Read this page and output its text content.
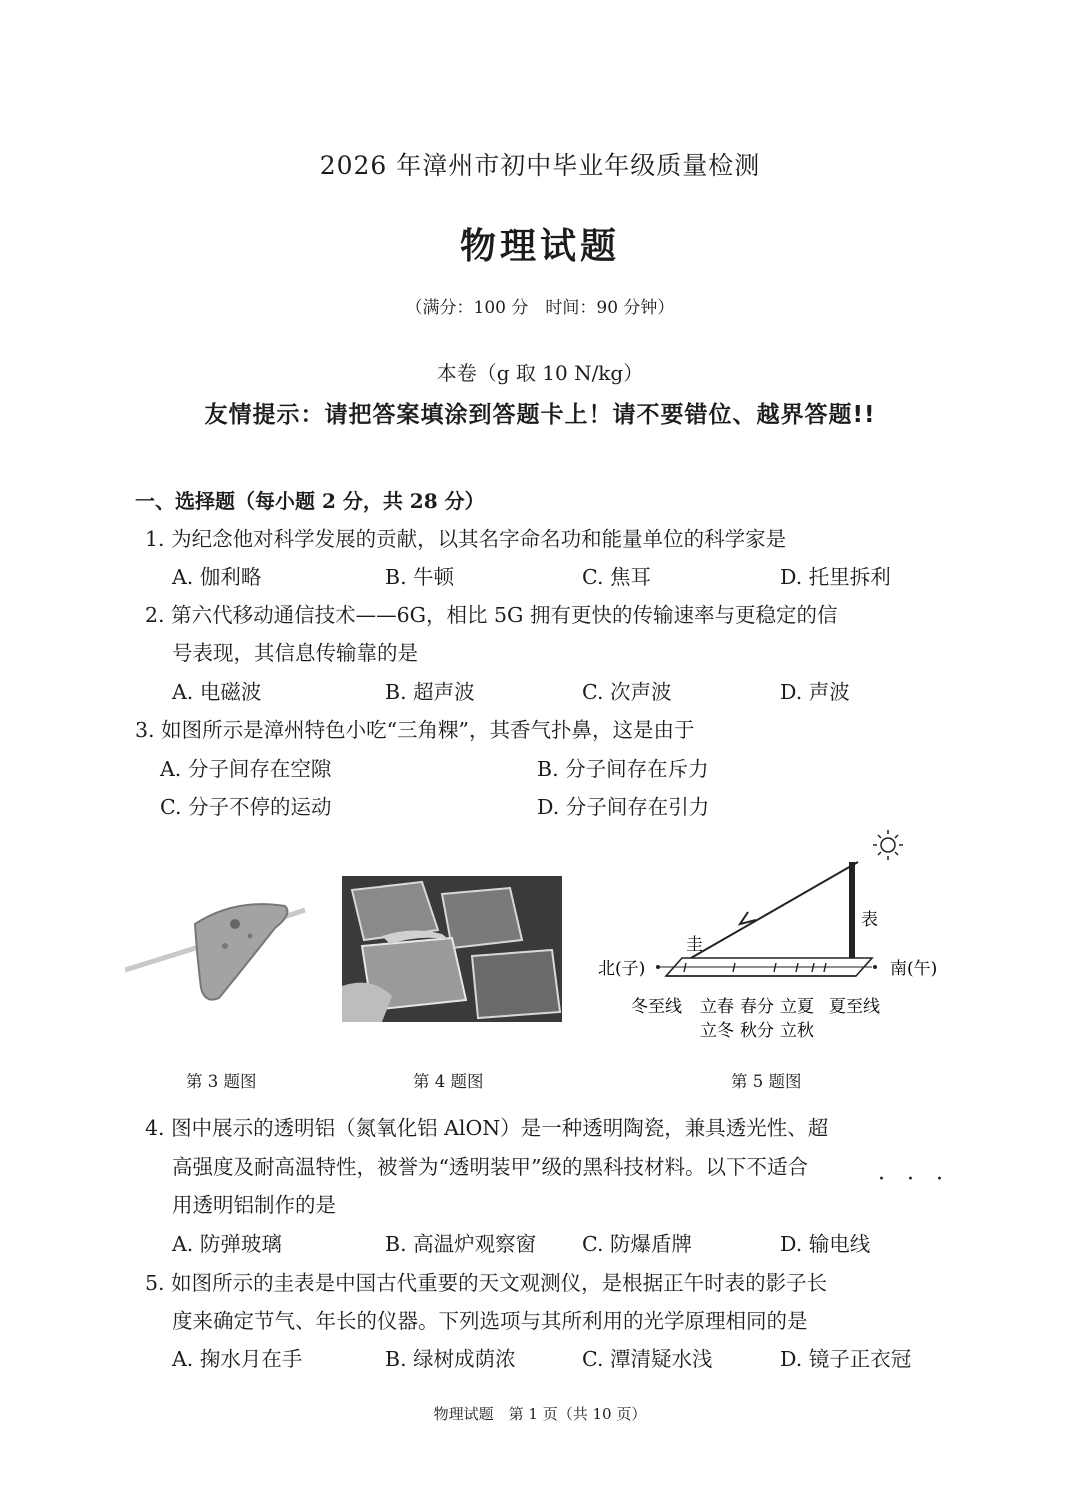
2026 年漳州市初中毕业年级质量检测
物理试题
（满分：100 分　时间：90 分钟）
本卷（g 取 10 N/kg）
友情提示：请把答案填涂到答题卡上！请不要错位、越界答题!!
一、选择题（每小题 2 分，共 28 分）
1. 为纪念他对科学发展的贡献，以其名字命名功和能量单位的科学家是
A. 伽利略	B. 牛顿	C. 焦耳	D. 托里拆利
2. 第六代移动通信技术——6G，相比 5G 拥有更快的传输速率与更稳定的信
号表现，其信息传输靠的是
A. 电磁波	B. 超声波	C. 次声波	D. 声波
3. 如图所示是漳州特色小吃“三角粿”，其香气扑鼻，这是由于
A. 分子间存在空隙	B. 分子间存在斥力
C. 分子不停的运动	D. 分子间存在引力
圭
表
北(子)	南(午)
冬至线 立春 春分 立夏 夏至线
立冬 秋分 立秋
第 3 题图	第 4 题图	第 5 题图
4. 图中展示的透明铝（氮氧化铝 AlON）是一种透明陶瓷，兼具透光性、超
高强度及耐高温特性，被誉为“透明装甲”级的黑科技材料。以下不适合	·　·　·
用透明铝制作的是
A. 防弹玻璃	B. 高温炉观察窗 C. 防爆盾牌	D. 输电线
5. 如图所示的圭表是中国古代重要的天文观测仪，是根据正午时表的影子长
度来确定节气、年长的仪器。下列选项与其所利用的光学原理相同的是
A. 掬水月在手	B. 绿树成荫浓	C. 潭清疑水浅	D. 镜子正衣冠
物理试题　第 1 页（共 10 页）
